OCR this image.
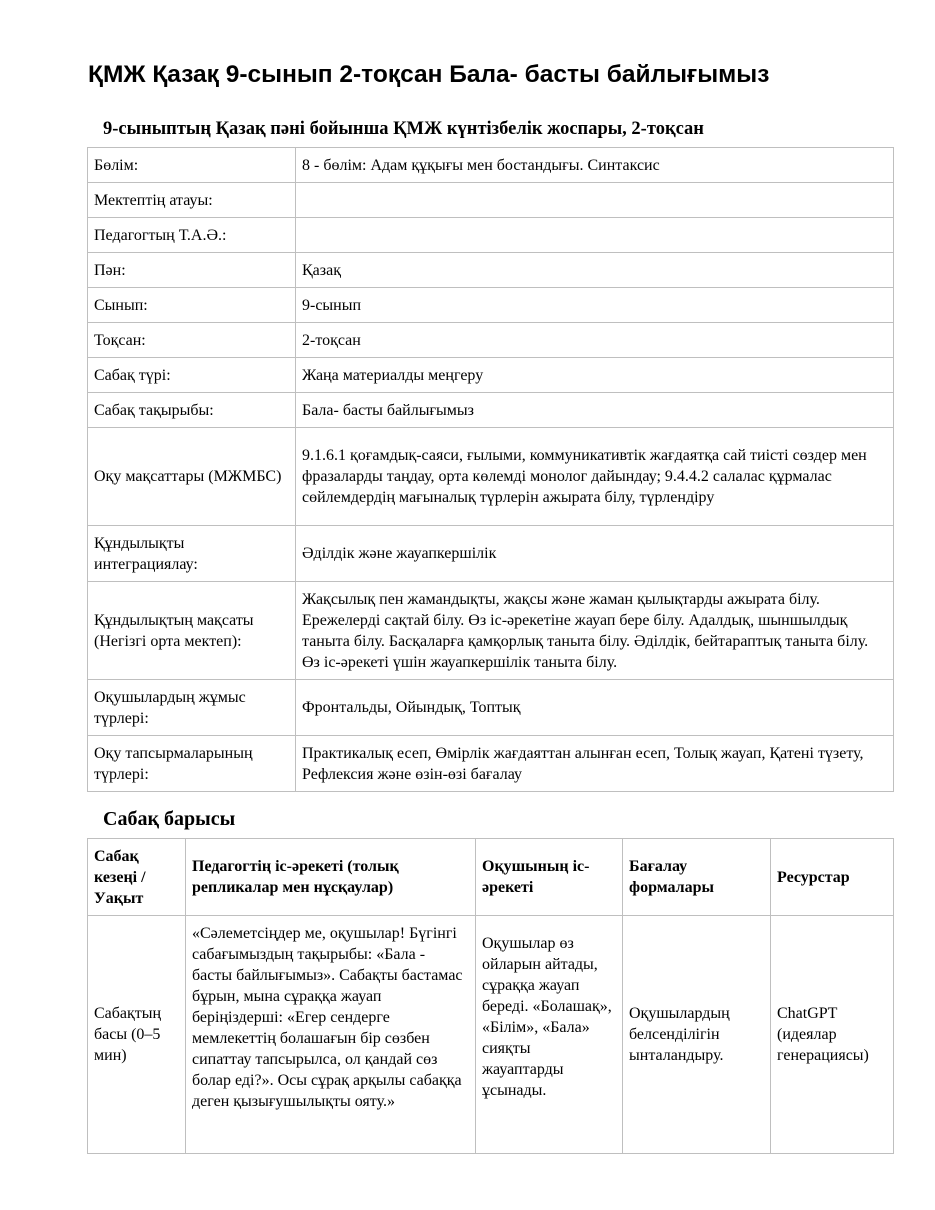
ҚМЖ Қазақ 9-сынып 2-тоқсан Бала- басты байлығымыз
9-сыныптың Қазақ пәні бойынша ҚМЖ күнтізбелік жоспары, 2-тоқсан
Бөлім:	8 - бөлім: Адам құқығы мен бостандығы. Синтаксис
Мектептің атауы:	
Педагогтың Т.А.Ә.:	
Пән:	Қазақ
Сынып:	9-сынып
Тоқсан:	2-тоқсан
Сабақ түрі:	Жаңа материалды меңгеру
Сабақ тақырыбы:	Бала- басты байлығымыз
Оқу мақсаттары (МЖМБС)	9.1.6.1 қоғамдық-саяси, ғылыми, коммуникативтік жағдаятқа сай тиісті сөздер мен фразаларды таңдау, орта көлемді монолог дайындау; 9.4.4.2 салалас құрмалас сөйлемдердің мағыналық түрлерін ажырата білу, түрлендіру
Құндылықты интеграциялау:	Әділдік және жауапкершілік
Құндылықтың мақсаты (Негізгі орта мектеп):	Жақсылық пен жамандықты, жақсы және жаман қылықтарды ажырата білу. Ережелерді сақтай білу. Өз іс-әрекетіне жауап бере білу. Адалдық, шыншылдық таныта білу. Басқаларға қамқорлық таныта білу. Әділдік, бейтараптық таныта білу. Өз іс-әрекеті үшін жауапкершілік таныта білу.
Оқушылардың жұмыс түрлері:	Фронтальды, Ойындық, Топтық
Оқу тапсырмаларының түрлері:	Практикалық есеп, Өмірлік жағдаяттан алынған есеп, Толық жауап, Қатені түзету, Рефлексия және өзін-өзі бағалау
Сабақ барысы
Сабақ кезеңі / Уақыт	Педагогтің іс-әрекеті (толық репликалар мен нұсқаулар)	Оқушының іс-әрекеті	Бағалау формалары	Ресурстар
Сабақтың басы (0–5 мин)	«Сәлеметсіңдер ме, оқушылар! Бүгінгі сабағымыздың тақырыбы: «Бала - басты байлығымыз». Сабақты бастамас бұрын, мына сұраққа жауап беріңіздерші: «Егер сендерге мемлекеттің болашағын бір сөзбен сипаттау тапсырылса, ол қандай сөз болар еді?». Осы сұрақ арқылы сабаққа деген қызығушылықты ояту.»	Оқушылар өз ойларын айтады, сұраққа жауап береді. «Болашақ», «Білім», «Бала» сияқты жауаптарды ұсынады.	Оқушылардың белсенділігін ынталандыру.	ChatGPT (идеялар генерациясы)
